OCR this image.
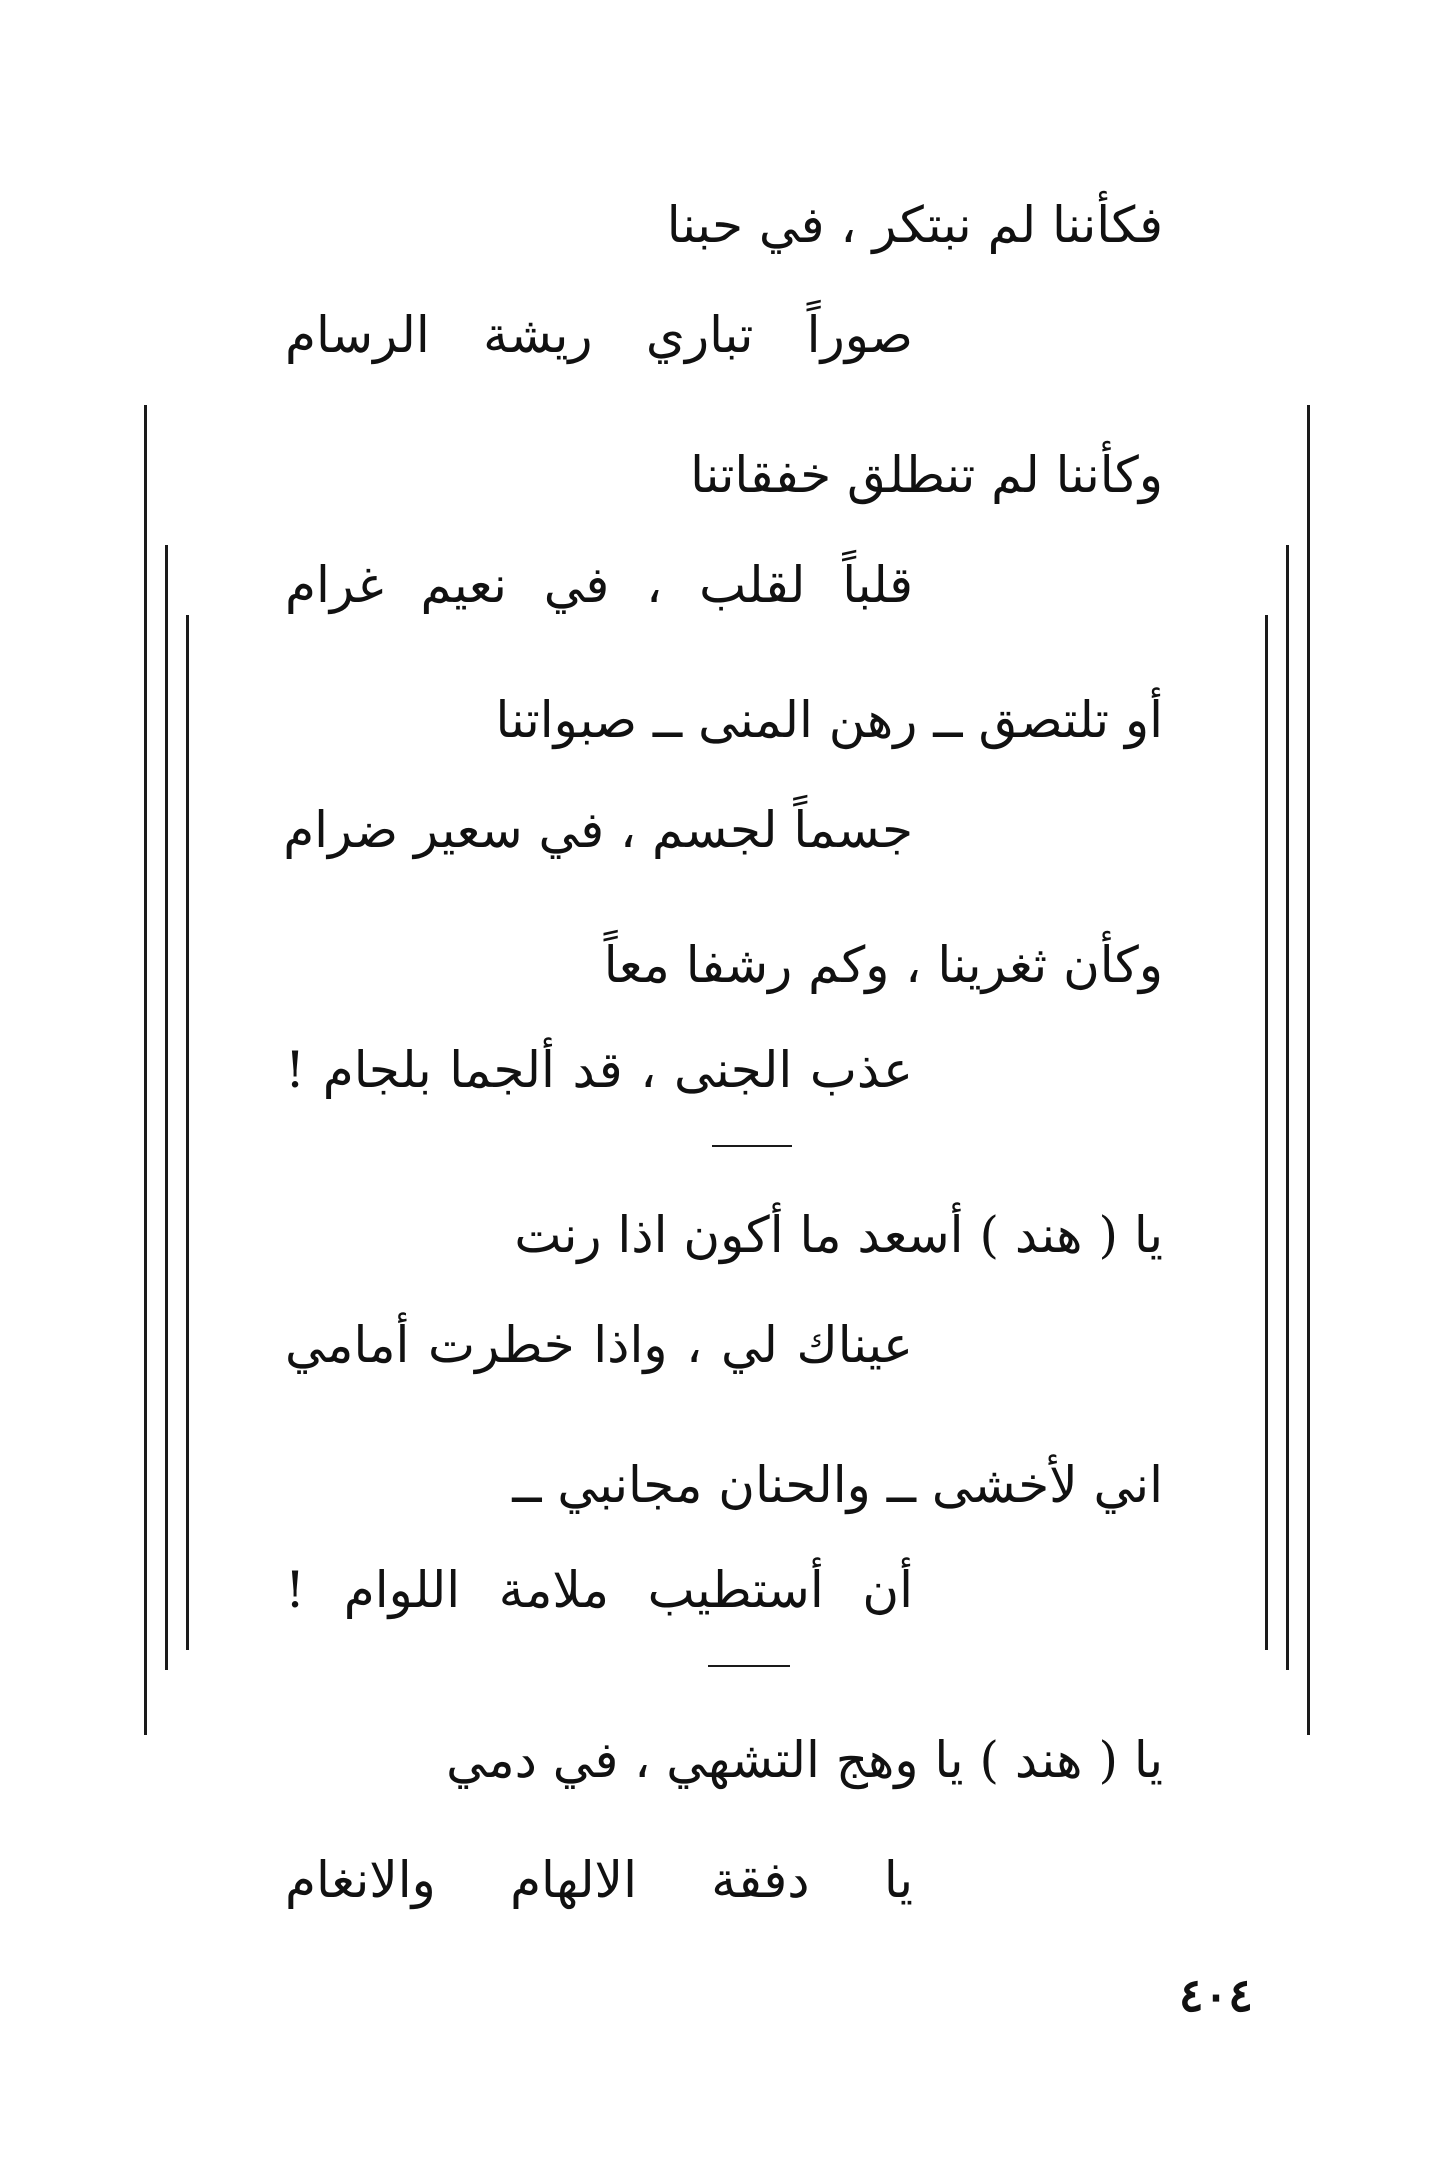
فكأننا لم نبتكر ، في حبنا
صوراً تباري ريشة الرسام
وكأننا لم تنطلق خفقاتنا
قلباً لقلب ، في نعيم غرام
أو تلتصق ــ رهن المنى ــ صبواتنا
جسماً لجسم ، في سعير ضرام
وكأن ثغرينا ، وكم رشفا معاً
عذب الجنى ، قد ألجما بلجام !
يا ( هند ) أسعد ما أكون اذا رنت
عيناك لي ، واذا خطرت أمامي
اني لأخشى ــ والحنان مجانبي ــ
أن أستطيب ملامة اللوام !
يا ( هند ) يا وهج التشهي ، في دمي
يا دفقة الالهام والانغام
٤٠٤
